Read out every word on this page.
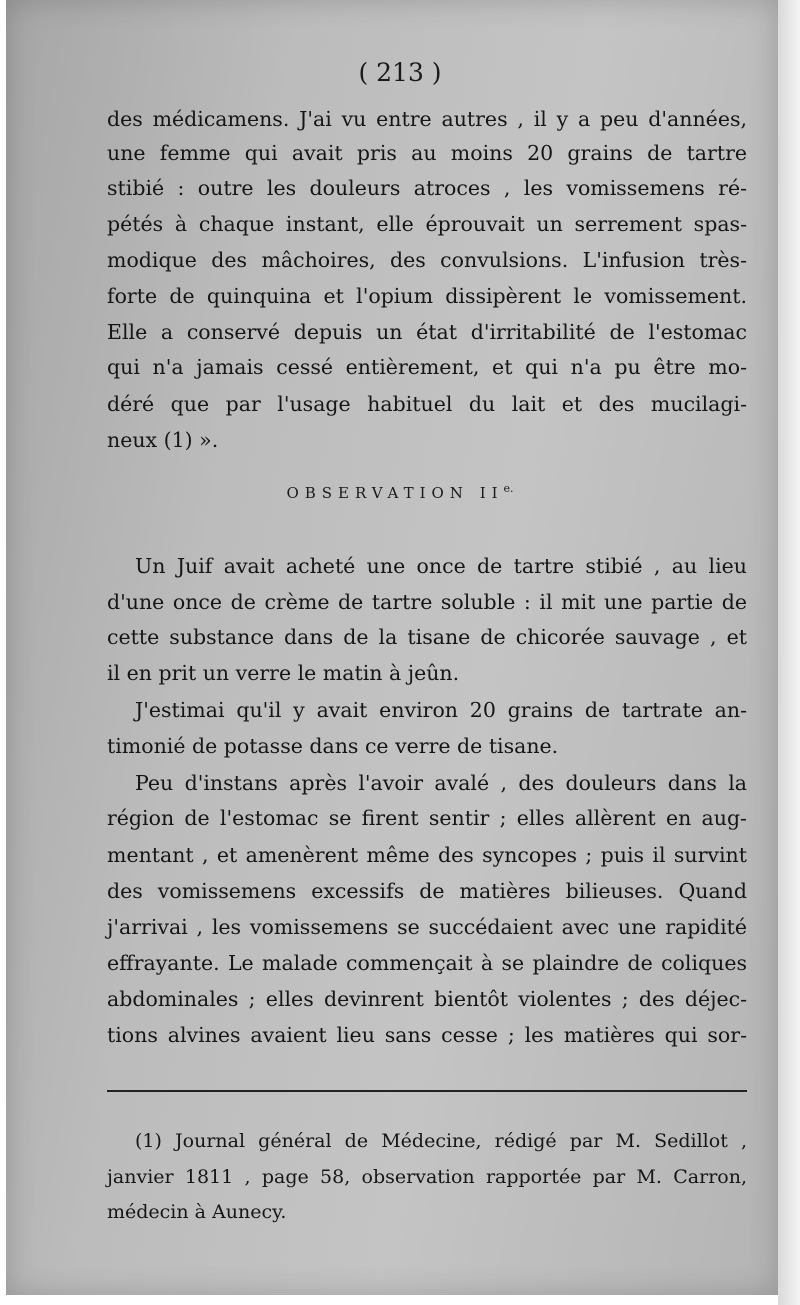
( 213 )
des médicamens. J'ai vu entre autres , il y a peu d'années,
une femme qui avait pris au moins 20 grains de tartre
stibié : outre les douleurs atroces , les vomissemens ré-
pétés à chaque instant, elle éprouvait un serrement spas-
modique des mâchoires, des convulsions. L'infusion très-
forte de quinquina et l'opium dissipèrent le vomissement.
Elle a conservé depuis un état d'irritabilité de l'estomac
qui n'a jamais cessé entièrement, et qui n'a pu être mo-
déré que par l'usage habituel du lait et des mucilagi-
neux (1) ».
OBSERVATION $II^{e.}$
Un Juif avait acheté une once de tartre stibié , au lieu
d'une once de crème de tartre soluble : il mit une partie de
cette substance dans de la tisane de chicorée sauvage , et
il en prit un verre le matin à jeûn.
J'estimai qu'il y avait environ 20 grains de tartrate an-
timonié de potasse dans ce verre de tisane.
Peu d'instans après l'avoir avalé , des douleurs dans la
région de l'estomac se firent sentir ; elles allèrent en aug-
mentant , et amenèrent même des syncopes ; puis il survint
des vomissemens excessifs de matières bilieuses. Quand
j'arrivai , les vomissemens se succédaient avec une rapidité
effrayante. Le malade commençait à se plaindre de coliques
abdominales ; elles devinrent bientôt violentes ; des déjec-
tions alvines avaient lieu sans cesse ; les matières qui sor-
(1) Journal général de Médecine, rédigé par M. Sedillot ,
janvier 1811 , page 58, observation rapportée par M. Carron,
médecin à Aunecy.
